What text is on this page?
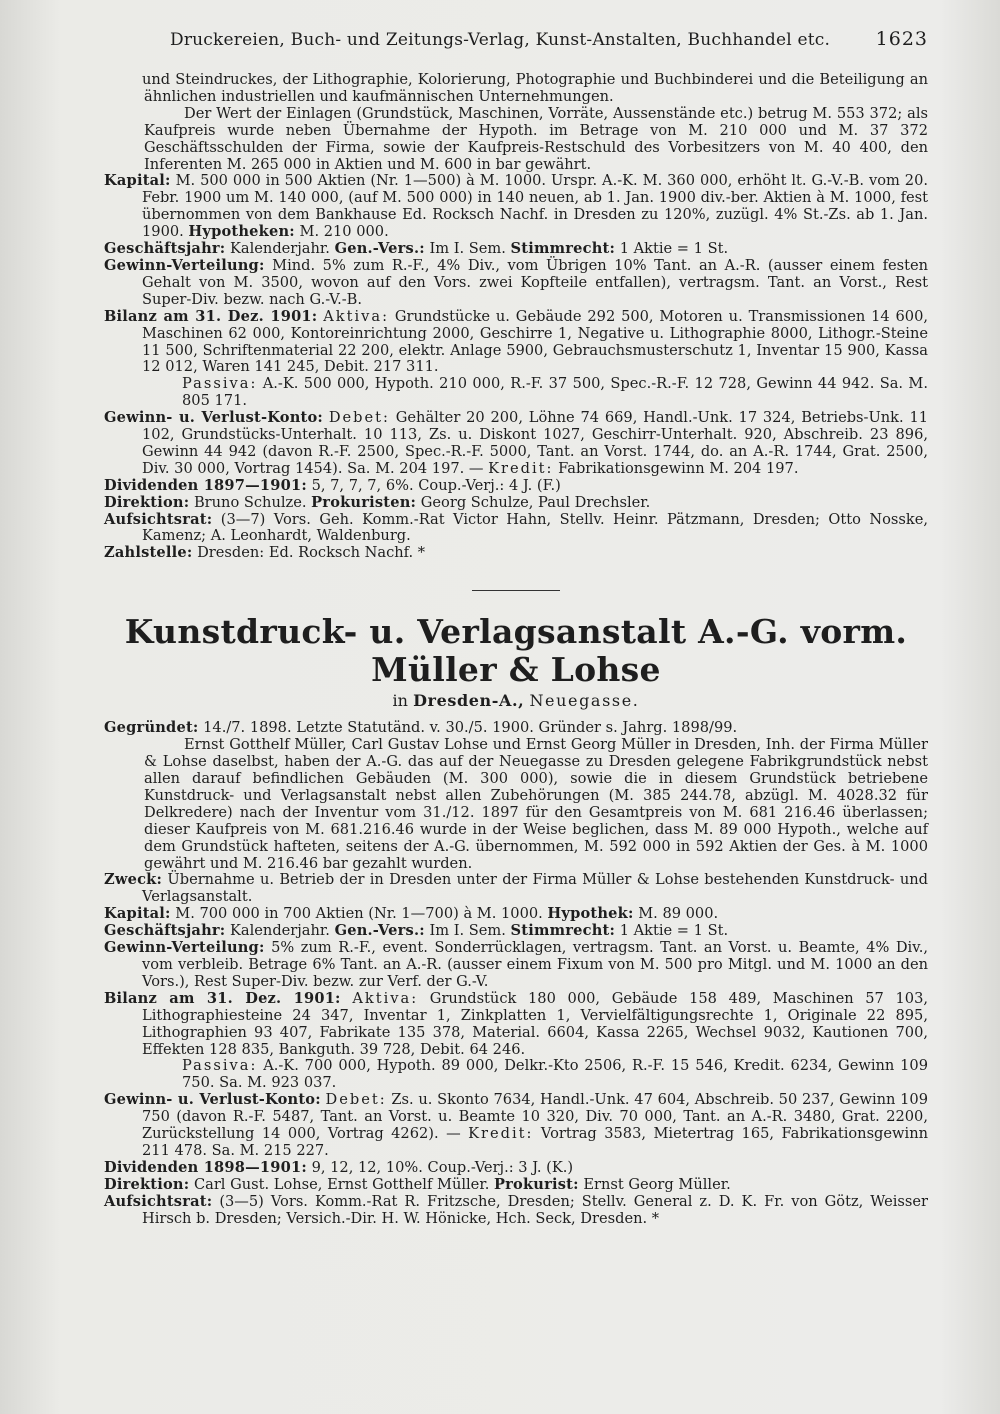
Druckereien, Buch- und Zeitungs-Verlag, Kunst-Anstalten, Buchhandel etc. 1623

und Steindruckes, der Lithographie, Kolorierung, Photographie und Buchbinderei und die Beteiligung an ähnlichen industriellen und kaufmännischen Unternehmungen.

Der Wert der Einlagen (Grundstück, Maschinen, Vorräte, Aussenstände etc.) betrug M. 553 372; als Kaufpreis wurde neben Übernahme der Hypoth. im Betrage von M. 210 000 und M. 37 372 Geschäftsschulden der Firma, sowie der Kaufpreis-Restschuld des Vorbesitzers von M. 40 400, den Inferenten M. 265 000 in Aktien und M. 600 in bar gewährt.

Kapital: M. 500 000 in 500 Aktien (Nr. 1—500) à M. 1000. Urspr. A.-K. M. 360 000, erhöht lt. G.-V.-B. vom 20. Febr. 1900 um M. 140 000, (auf M. 500 000) in 140 neuen, ab 1. Jan. 1900 div.-ber. Aktien à M. 1000, fest übernommen von dem Bankhause Ed. Rocksch Nachf. in Dresden zu 120%, zuzügl. 4% St.-Zs. ab 1. Jan. 1900. Hypotheken: M. 210 000.

Geschäftsjahr: Kalenderjahr. Gen.-Vers.: Im I. Sem. Stimmrecht: 1 Aktie = 1 St.

Gewinn-Verteilung: Mind. 5% zum R.-F., 4% Div., vom Übrigen 10% Tant. an A.-R. (ausser einem festen Gehalt von M. 3500, wovon auf den Vors. zwei Kopfteile entfallen), vertragsm. Tant. an Vorst., Rest Super-Div. bezw. nach G.-V.-B.

Bilanz am 31. Dez. 1901: Aktiva: Grundstücke u. Gebäude 292 500, Motoren u. Transmissionen 14 600, Maschinen 62 000, Kontoreinrichtung 2000, Geschirre 1, Negative u. Lithographie 8000, Lithogr.-Steine 11 500, Schriftenmaterial 22 200, elektr. Anlage 5900, Gebrauchsmusterschutz 1, Inventar 15 900, Kassa 12 012, Waren 141 245, Debit. 217 311.

Passiva: A.-K. 500 000, Hypoth. 210 000, R.-F. 37 500, Spec.-R.-F. 12 728, Gewinn 44 942. Sa. M. 805 171.

Gewinn- u. Verlust-Konto: Debet: Gehälter 20 200, Löhne 74 669, Handl.-Unk. 17 324, Betriebs-Unk. 11 102, Grundstücks-Unterhalt. 10 113, Zs. u. Diskont 1027, Geschirr-Unterhalt. 920, Abschreib. 23 896, Gewinn 44 942 (davon R.-F. 2500, Spec.-R.-F. 5000, Tant. an Vorst. 1744, do. an A.-R. 1744, Grat. 2500, Div. 30 000, Vortrag 1454). Sa. M. 204 197. — Kredit: Fabrikationsgewinn M. 204 197.

Dividenden 1897—1901: 5, 7, 7, 7, 6%. Coup.-Verj.: 4 J. (F.)

Direktion: Bruno Schulze. Prokuristen: Georg Schulze, Paul Drechsler.

Aufsichtsrat: (3—7) Vors. Geh. Komm.-Rat Victor Hahn, Stellv. Heinr. Pätzmann, Dresden; Otto Nosske, Kamenz; A. Leonhardt, Waldenburg.

Zahlstelle: Dresden: Ed. Rocksch Nachf. *

Kunstdruck- u. Verlagsanstalt A.-G. vorm. Müller & Lohse
in Dresden-A., Neuegasse.

Gegründet: 14./7. 1898. Letzte Statutänd. v. 30./5. 1900. Gründer s. Jahrg. 1898/99.

Ernst Gotthelf Müller, Carl Gustav Lohse und Ernst Georg Müller in Dresden, Inh. der Firma Müller & Lohse daselbst, haben der A.-G. das auf der Neuegasse zu Dresden gelegene Fabrikgrundstück nebst allen darauf befindlichen Gebäuden (M. 300 000), sowie die in diesem Grundstück betriebene Kunstdruck- und Verlagsanstalt nebst allen Zubehörungen (M. 385 244.78, abzügl. M. 4028.32 für Delkredere) nach der Inventur vom 31./12. 1897 für den Gesamtpreis von M. 681 216.46 überlassen; dieser Kaufpreis von M. 681.216.46 wurde in der Weise beglichen, dass M. 89 000 Hypoth., welche auf dem Grundstück hafteten, seitens der A.-G. übernommen, M. 592 000 in 592 Aktien der Ges. à M. 1000 gewährt und M. 216.46 bar gezahlt wurden.

Zweck: Übernahme u. Betrieb der in Dresden unter der Firma Müller & Lohse bestehenden Kunstdruck- und Verlagsanstalt.

Kapital: M. 700 000 in 700 Aktien (Nr. 1—700) à M. 1000. Hypothek: M. 89 000.

Geschäftsjahr: Kalenderjahr. Gen.-Vers.: Im I. Sem. Stimmrecht: 1 Aktie = 1 St.

Gewinn-Verteilung: 5% zum R.-F., event. Sonderrücklagen, vertragsm. Tant. an Vorst. u. Beamte, 4% Div., vom verbleib. Betrage 6% Tant. an A.-R. (ausser einem Fixum von M. 500 pro Mitgl. und M. 1000 an den Vors.), Rest Super-Div. bezw. zur Verf. der G.-V.

Bilanz am 31. Dez. 1901: Aktiva: Grundstück 180 000, Gebäude 158 489, Maschinen 57 103, Lithographiesteine 24 347, Inventar 1, Zinkplatten 1, Vervielfältigungsrechte 1, Originale 22 895, Lithographien 93 407, Fabrikate 135 378, Material. 6604, Kassa 2265, Wechsel 9032, Kautionen 700, Effekten 128 835, Bankguth. 39 728, Debit. 64 246.

Passiva: A.-K. 700 000, Hypoth. 89 000, Delkr.-Kto 2506, R.-F. 15 546, Kredit. 6234, Gewinn 109 750. Sa. M. 923 037.

Gewinn- u. Verlust-Konto: Debet: Zs. u. Skonto 7634, Handl.-Unk. 47 604, Abschreib. 50 237, Gewinn 109 750 (davon R.-F. 5487, Tant. an Vorst. u. Beamte 10 320, Div. 70 000, Tant. an A.-R. 3480, Grat. 2200, Zurückstellung 14 000, Vortrag 4262). — Kredit: Vortrag 3583, Mietertrag 165, Fabrikationsgewinn 211 478. Sa. M. 215 227.

Dividenden 1898—1901: 9, 12, 12, 10%. Coup.-Verj.: 3 J. (K.)

Direktion: Carl Gust. Lohse, Ernst Gotthelf Müller. Prokurist: Ernst Georg Müller.

Aufsichtsrat: (3—5) Vors. Komm.-Rat R. Fritzsche, Dresden; Stellv. General z. D. K. Fr. von Götz, Weisser Hirsch b. Dresden; Versich.-Dir. H. W. Hönicke, Hch. Seck, Dresden. *
